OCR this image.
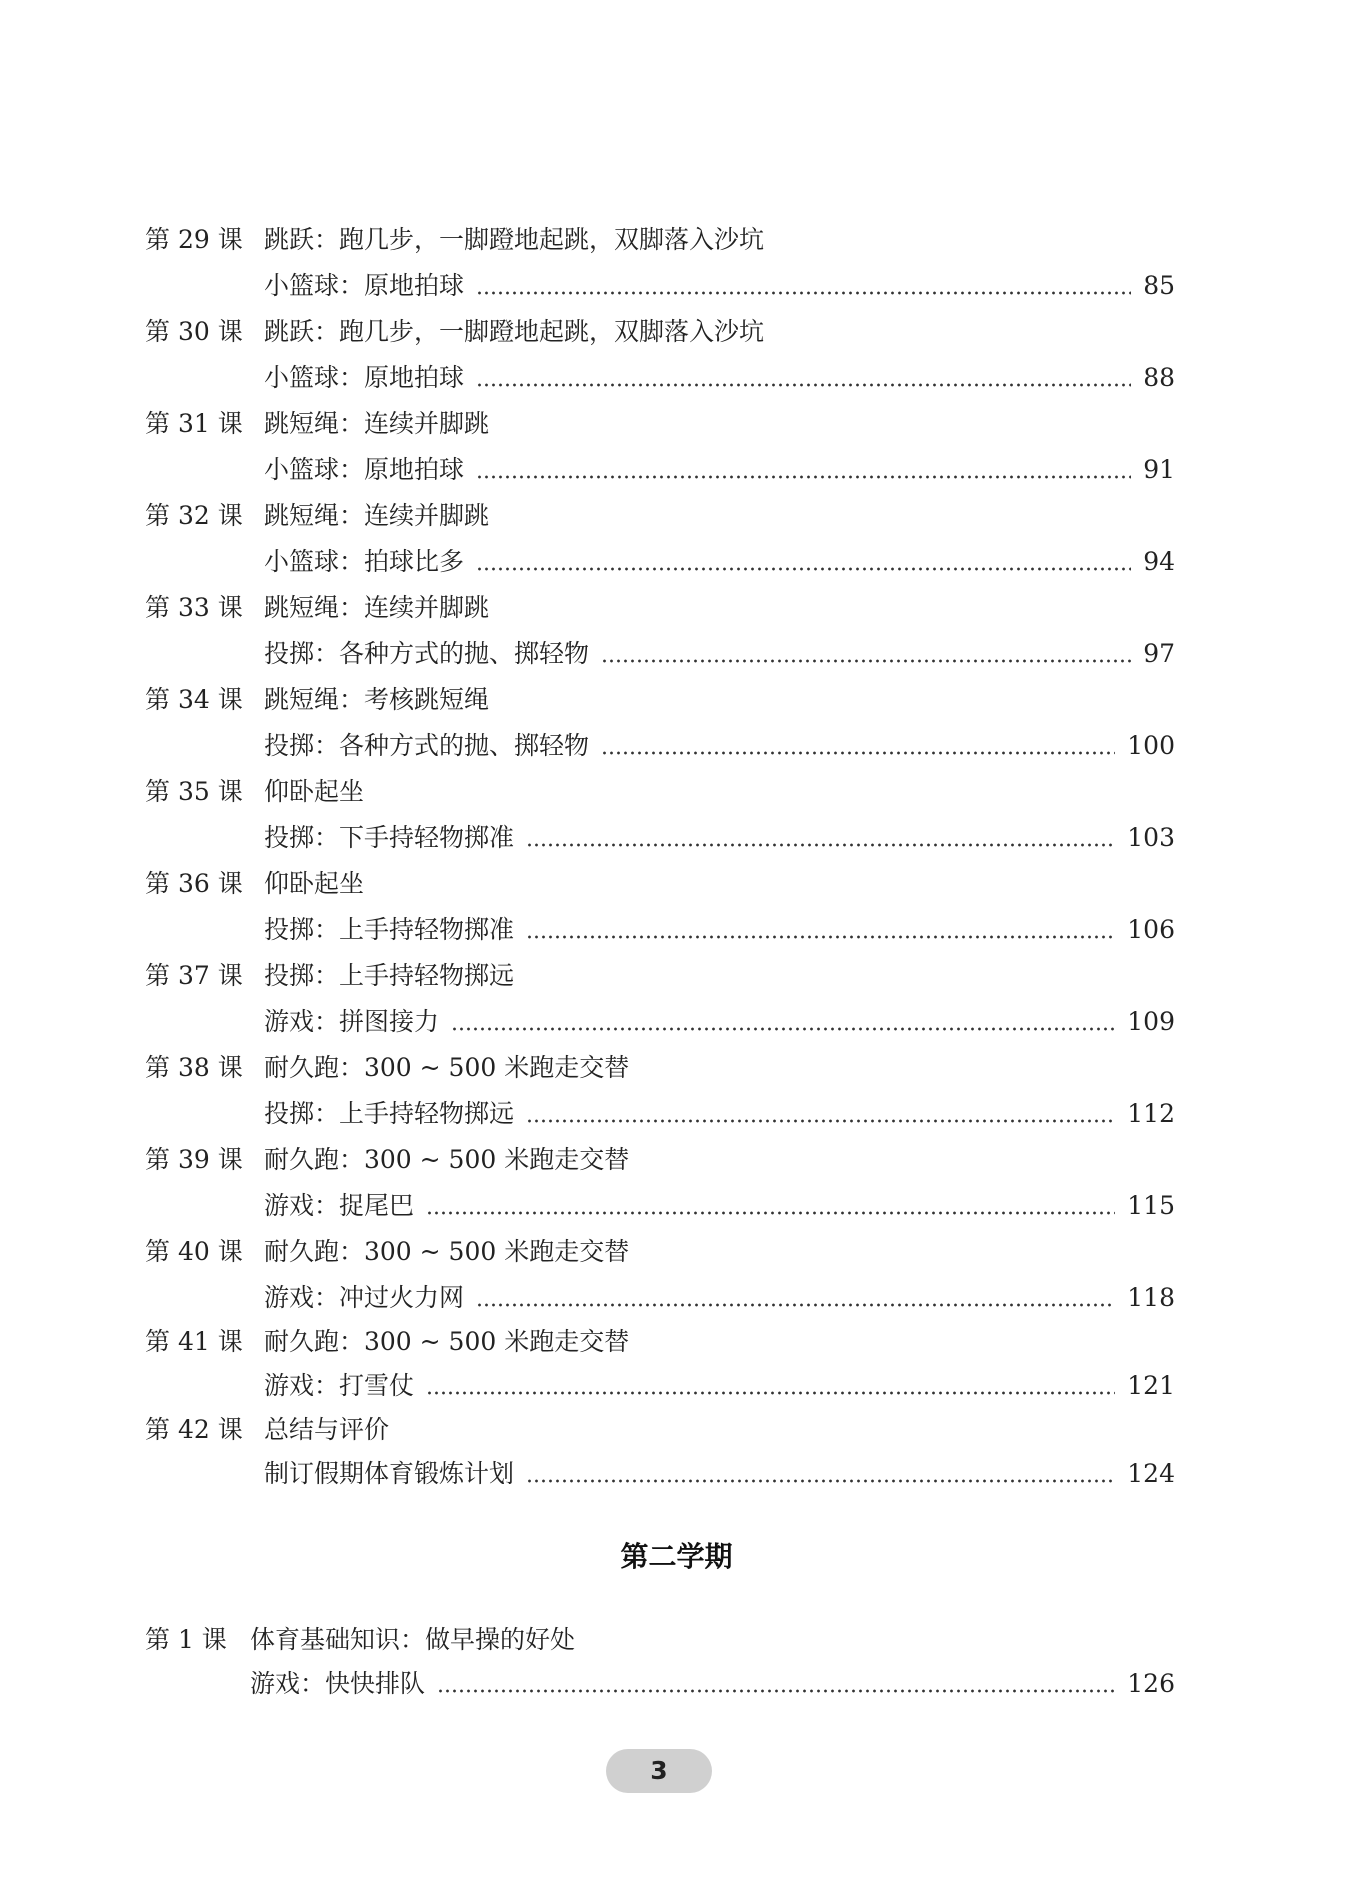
第 29 课 跳跃：跑几步，一脚蹬地起跳，双脚落入沙坑
小篮球：原地拍球	85
第 30 课 跳跃：跑几步，一脚蹬地起跳，双脚落入沙坑
小篮球：原地拍球	88
第 31 课 跳短绳：连续并脚跳
小篮球：原地拍球	91
第 32 课 跳短绳：连续并脚跳
小篮球：拍球比多	94
第 33 课 跳短绳：连续并脚跳
投掷：各种方式的抛、掷轻物	97
第 34 课 跳短绳：考核跳短绳
投掷：各种方式的抛、掷轻物	100
第 35 课 仰卧起坐
投掷：下手持轻物掷准	103
第 36 课 仰卧起坐
投掷：上手持轻物掷准	106
第 37 课 投掷：上手持轻物掷远
游戏：拼图接力	109
第 38 课 耐久跑：300 ~ 500 米跑走交替
投掷：上手持轻物掷远	112
第 39 课 耐久跑：300 ~ 500 米跑走交替
游戏：捉尾巴	115
第 40 课 耐久跑：300 ~ 500 米跑走交替
游戏：冲过火力网	118
第 41 课 耐久跑：300 ~ 500 米跑走交替
游戏：打雪仗	121
第 42 课 总结与评价
制订假期体育锻炼计划	124
第二学期
第 1 课 体育基础知识：做早操的好处
游戏：快快排队	126
3
